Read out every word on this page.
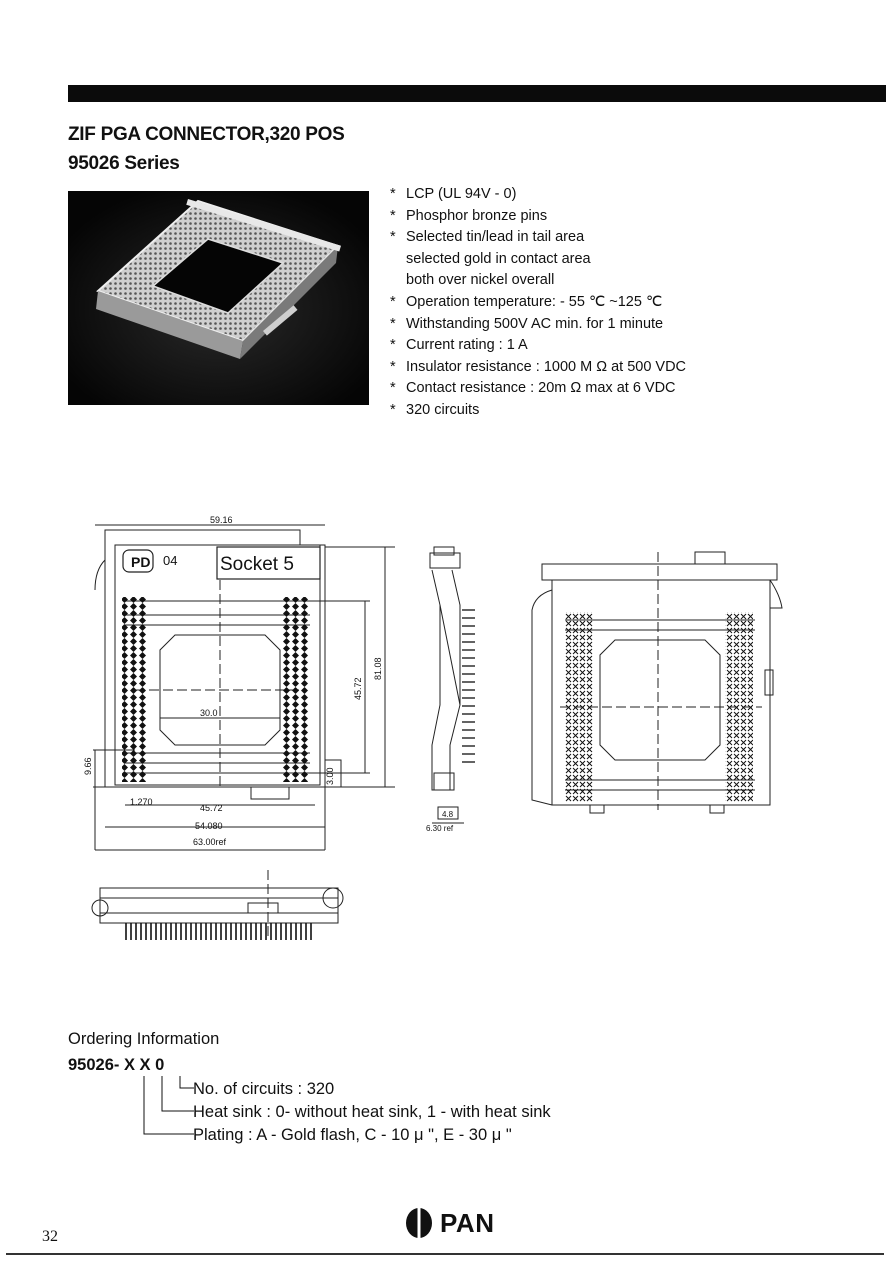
ZIF PGA CONNECTOR,320 POS
95026 Series
* LCP (UL 94V - 0)
* Phosphor bronze pins
* Selected tin/lead in tail area
selected gold in contact area
both over nickel overall
* Operation temperature: - 55 ℃ ~125 ℃
* Withstanding 500V AC min. for 1 minute
* Current rating : 1 A
* Insulator resistance : 1000 M Ω at 500 VDC
* Contact resistance : 20m Ω max at 6 VDC
* 320 circuits
PD 04 Socket 5
59.16
81.08
45.72
30.0
9.66
3.00
1.270
45.72
54.080
63.00ref
4.8
6.30 ref
Ordering Information
95026- X X 0
No. of circuits : 320
Heat sink : 0- without heat sink, 1 - with heat sink
Plating : A - Gold flash, C - 10 μ ", E - 30 μ "
32	PAN
